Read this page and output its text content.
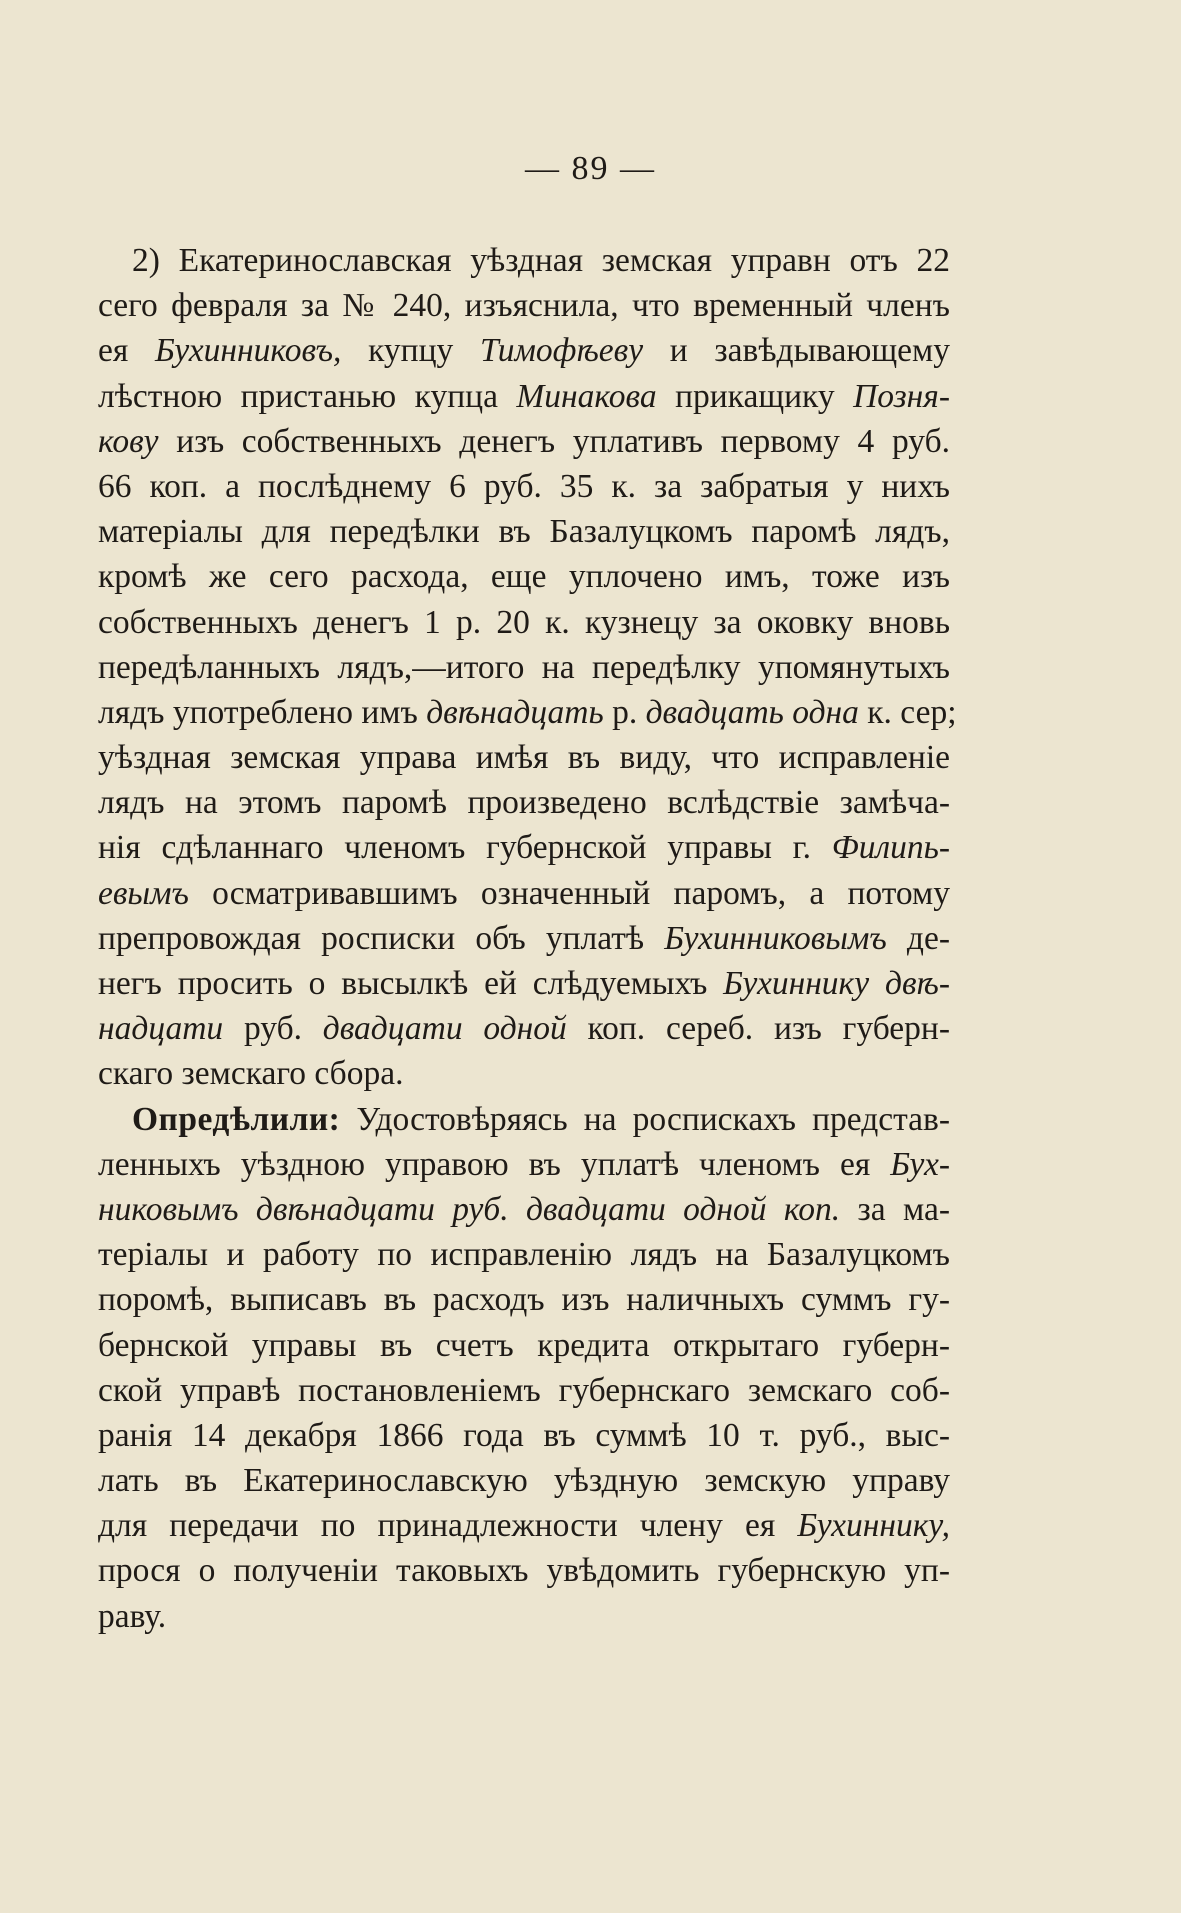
— 89 —
2) Екатеринославская уѣздная земская управн отъ 22
сего февраля за № 240, изъяснила, что временный членъ
ея Бухинниковъ, купцу Тимофѣеву и завѣдывающему
лѣстною пристанью купца Минакова прикащику Позня-
кову изъ собственныхъ денегъ уплативъ первому 4 руб.
66 коп. а послѣднему 6 руб. 35 к. за забратыя у нихъ
матеріалы для передѣлки въ Базалуцкомъ паромѣ лядъ,
кромѣ же сего расхода, еще уплочено имъ, тоже изъ
собственныхъ денегъ 1 р. 20 к. кузнецу за оковку вновь
передѣланныхъ лядъ,—итого на передѣлку упомянутыхъ
лядъ употреблено имъ двѣнадцать р. двадцать одна к. сер;
уѣздная земская управа имѣя въ виду, что исправленіе
лядъ на этомъ паромѣ произведено вслѣдствіе замѣча-
нія сдѣланнаго членомъ губернской управы г. Филипь-
евымъ осматривавшимъ означенный паромъ, а потому
препровождая росписки объ уплатѣ Бухинниковымъ де-
негъ просить о высылкѣ ей слѣдуемыхъ Бухиннику двѣ-
надцати руб. двадцати одной коп. сереб. изъ губерн-
скаго земскаго сбора.
Опредѣлили: Удостовѣряясь на роспискахъ представ-
ленныхъ уѣздною управою въ уплатѣ членомъ ея Бух-
никовымъ двѣнадцати руб. двадцати одной коп. за ма-
теріалы и работу по исправленію лядъ на Базалуцкомъ
поромѣ, выписавъ въ расходъ изъ наличныхъ суммъ гу-
бернской управы въ счетъ кредита открытаго губерн-
ской управѣ постановленіемъ губернскаго земскаго соб-
ранія 14 декабря 1866 года въ суммѣ 10 т. руб., выс-
лать въ Екатеринославскую уѣздную земскую управу
для передачи по принадлежности члену ея Бухиннику,
прося о полученіи таковыхъ увѣдомить губернскую уп-
раву.
